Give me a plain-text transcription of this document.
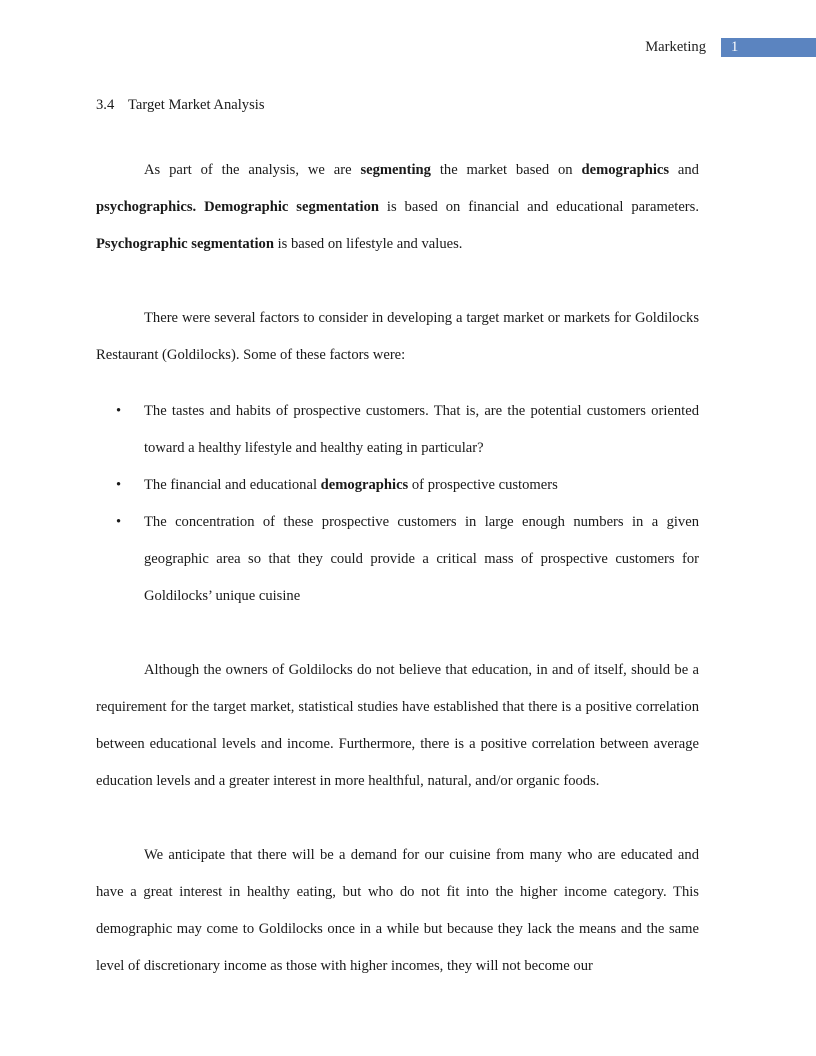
Marketing	1
3.4 Target Market Analysis

As part of the analysis, we are segmenting the market based on demographics and psychographics. Demographic segmentation is based on financial and educational parameters. Psychographic segmentation is based on lifestyle and values.

There were several factors to consider in developing a target market or markets for Goldilocks Restaurant (Goldilocks). Some of these factors were:

• The tastes and habits of prospective customers. That is, are the potential customers oriented toward a healthy lifestyle and healthy eating in particular?
• The financial and educational demographics of prospective customers
• The concentration of these prospective customers in large enough numbers in a given geographic area so that they could provide a critical mass of prospective customers for Goldilocks’ unique cuisine

Although the owners of Goldilocks do not believe that education, in and of itself, should be a requirement for the target market, statistical studies have established that there is a positive correlation between educational levels and income. Furthermore, there is a positive correlation between average education levels and a greater interest in more healthful, natural, and/or organic foods.

We anticipate that there will be a demand for our cuisine from many who are educated and have a great interest in healthy eating, but who do not fit into the higher income category. This demographic may come to Goldilocks once in a while but because they lack the means and the same level of discretionary income as those with higher incomes, they will not become our
